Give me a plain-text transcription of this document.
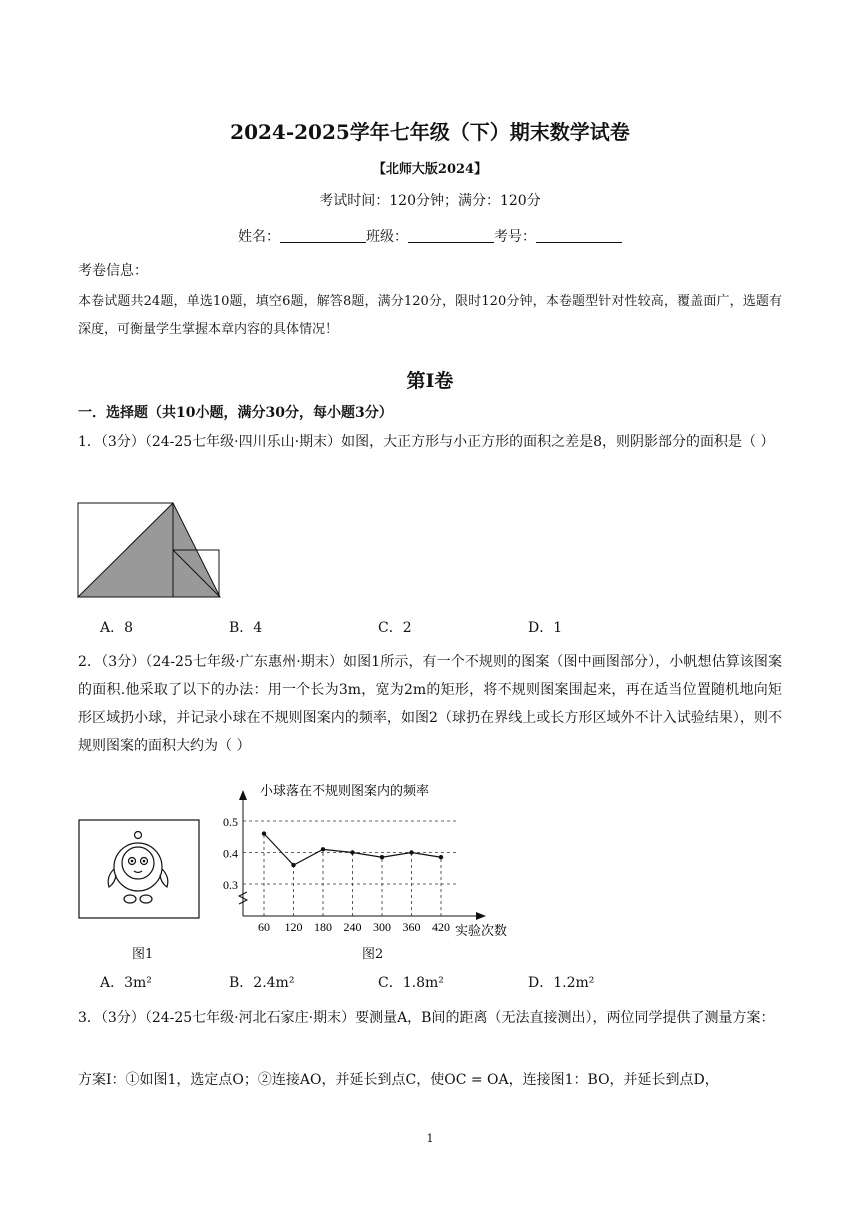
2024-2025学年七年级（下）期末数学试卷
【北师大版2024】
考试时间：120分钟；满分：120分
姓名：	班级：	考号：
考卷信息：
本卷试题共24题，单选10题，填空6题，解答8题，满分120分，限时120分钟，本卷题型针对性较高，覆盖面广，选题有深度，可衡量学生掌握本章内容的具体情况！
第Ⅰ卷
一．选择题（共10小题，满分30分，每小题3分）
1．（3分）（24-25七年级·四川乐山·期末）如图，大正方形与小正方形的面积之差是8，则阴影部分的面积是（ ）
A．8	B．4	C．2	D．1
2．（3分）（24-25七年级·广东惠州·期末）如图1所示，有一个不规则的图案（图中画图部分），小帆想估算该图案的面积.他采取了以下的办法：用一个长为3m，宽为2m的矩形，将不规则图案围起来，再在适当位置随机地向矩形区域扔小球，并记录小球在不规则图案内的频率，如图2（球扔在界线上或长方形区域外不计入试验结果），则不规则图案的面积大约为（ ）
图1
小球落在不规则图案内的频率
0.5
0.4
0.3
60 120 180 240 300 360 420 实验次数
图2
A．3m²	B．2.4m²	C．1.8m²	D．1.2m²
3．（3分）（24-25七年级·河北石家庄·期末）要测量A，B间的距离（无法直接测出），两位同学提供了测量方案：
方案Ⅰ：①如图1，选定点O；②连接AO，并延长到点C，使OC = OA，连接图1：BO，并延长到点D，
1
